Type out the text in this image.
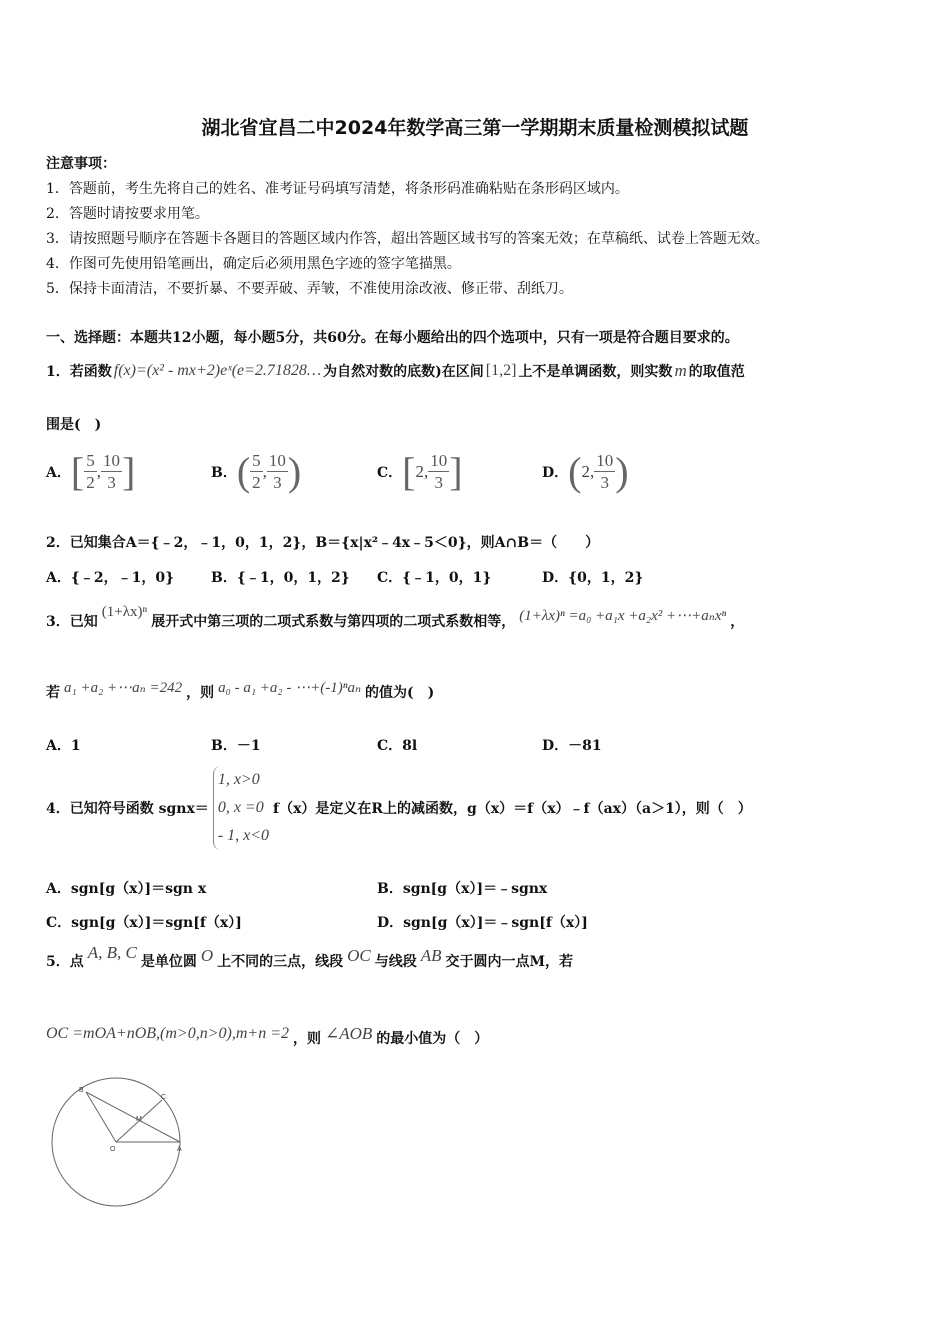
湖北省宜昌二中2024年数学高三第一学期期末质量检测模拟试题
注意事项：
1．答题前，考生先将自己的姓名、准考证号码填写清楚，将条形码准确粘贴在条形码区域内。
2．答题时请按要求用笔。
3．请按照题号顺序在答题卡各题目的答题区域内作答，超出答题区域书写的答案无效；在草稿纸、试卷上答题无效。
4．作图可先使用铅笔画出，确定后必须用黑色字迹的签字笔描黑。
5．保持卡面清洁，不要折暴、不要弄破、弄皱，不准使用涂改液、修正带、刮纸刀。
一、选择题：本题共12小题，每小题5分，共60分。在每小题给出的四个选项中，只有一项是符合题目要求的。
1．若函数 f(x)=(x² - mx+2)eˣ(e=2.71828… 为自然对数的底数)在区间 [1,2] 上不是单调函数，则实数 m 的取值范
围是(　)
A． [ $\frac{5}{2}$ , $\frac{10}{3}$ ]	B． ( $\frac{5}{2}$ , $\frac{10}{3}$ )	C． [ 2, $\frac{10}{3}$ ]	D． ( 2, $\frac{10}{3}$ )
2．已知集合A＝{﹣2，﹣1，0，1，2}，B＝{x|x²﹣4x﹣5＜0}，则A∩B＝（　　）
A．{﹣2，﹣1，0}	B．{﹣1，0，1，2} C．{﹣1，0，1}	D．{0，1，2}
3．已知
(1+λx)ⁿ
展开式中第三项的二项式系数与第四项的二项式系数相等， (1+λx)ⁿ =a₀ +a₁x +a₂x² +⋯+aₙxⁿ ，
若 a₁ +a₂ +⋯aₙ =242 ，则 a₀ - a₁ +a₂ - ⋯+(-1)ⁿaₙ 的值为(　)
A．1	B．－1	C．8l	D．－81
4．已知符号函数 sgnx＝
1, x>0
0, x =0
- 1, x<0
f（x）是定义在R上的减函数，g（x）＝f（x）﹣f（ax）（a＞1），则（　）
A．sgn[g（x）]＝sgn x	B．sgn[g（x）]＝﹣sgnx
C．sgn[g（x）]＝sgn[f（x）]	D．sgn[g（x）]＝﹣sgn[f（x）]
5．点 A, B, C 是单位圆 O 上不同的三点，线段 OC 与线段 AB 交于圆内一点M，若
OC =mOA+nOB,(m>0,n>0),m+n =2 ，则 ∠AOB 的最小值为（　）
B
C
M
O	A
